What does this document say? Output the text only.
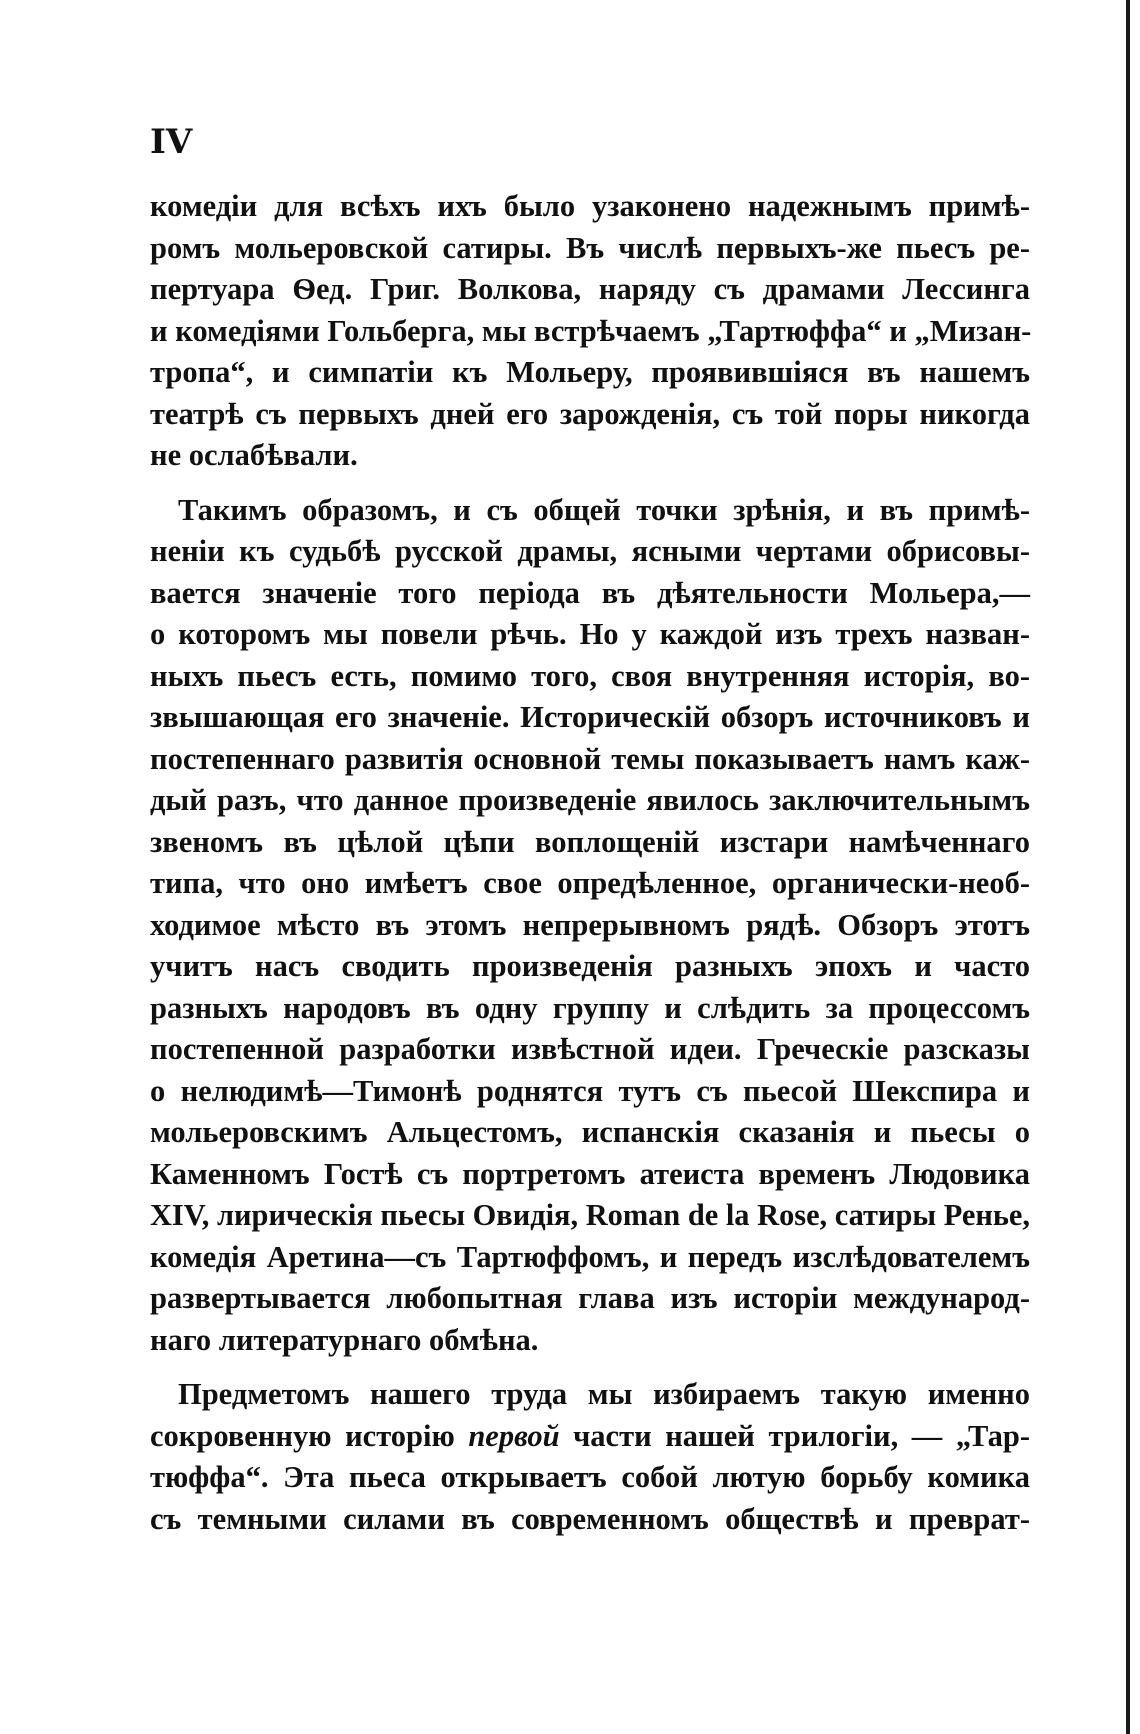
IV
комедіи для всѣхъ ихъ было узаконено надежнымъ примѣ-
ромъ мольеровской сатиры. Въ числѣ первыхъ-же пьесъ ре-
пертуара Ѳед. Григ. Волкова, наряду съ драмами Лессинга
и комедіями Гольберга, мы встрѣчаемъ „Тартюффа“ и „Мизан-
тропа“, и симпатіи къ Мольеру, проявившіяся въ нашемъ
театрѣ съ первыхъ дней его зарожденія, съ той поры никогда
не ослабѣвали.
Такимъ образомъ, и съ общей точки зрѣнія, и въ примѣ-
неніи къ судьбѣ русской драмы, ясными чертами обрисовы-
вается значеніе того періода въ дѣятельности Мольера,—
о которомъ мы повели рѣчь. Но у каждой изъ трехъ назван-
ныхъ пьесъ есть, помимо того, своя внутренняя исторія, во-
звышающая его значеніе. Историческій обзоръ источниковъ и
постепеннаго развитія основной темы показываетъ намъ каж-
дый разъ, что данное произведеніе явилось заключительнымъ
звеномъ въ цѣлой цѣпи воплощеній изстари намѣченнаго
типа, что оно имѣетъ свое опредѣленное, органически-необ-
ходимое мѣсто въ этомъ непрерывномъ рядѣ. Обзоръ этотъ
учитъ насъ сводить произведенія разныхъ эпохъ и часто
разныхъ народовъ въ одну группу и слѣдить за процессомъ
постепенной разработки извѣстной идеи. Греческіе разсказы
о нелюдимѣ—Тимонѣ роднятся тутъ съ пьесой Шекспира и
мольеровскимъ Альцестомъ, испанскія сказанія и пьесы о
Каменномъ Гостѣ съ портретомъ атеиста временъ Людовика
XIV, лирическія пьесы Овидія, Roman de la Rose, сатиры Ренье,
комедія Аретина—съ Тартюффомъ, и передъ изслѣдователемъ
развертывается любопытная глава изъ исторіи международ-
наго литературнаго обмѣна.
Предметомъ нашего труда мы избираемъ такую именно
сокровенную исторію первой части нашей трилогіи, — „Тар-
тюффа“. Эта пьеса открываетъ собой лютую борьбу комика
съ темными силами въ современномъ обществѣ и преврат-
